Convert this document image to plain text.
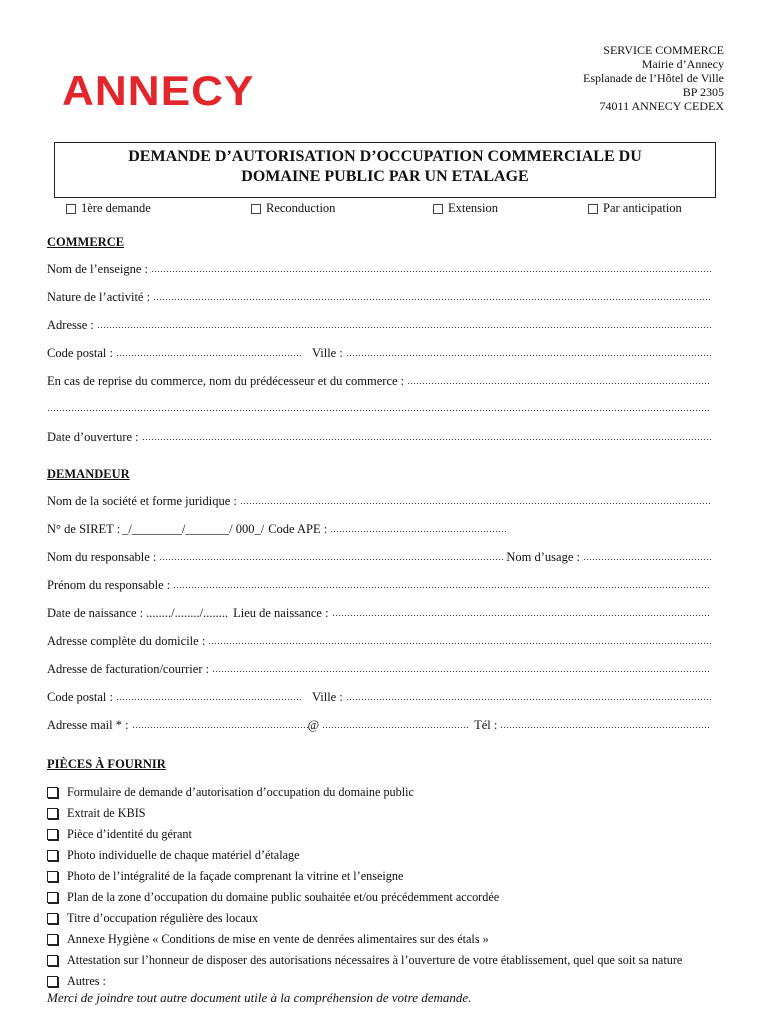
ANNECY
SERVICE COMMERCE
Mairie d’Annecy
Esplanade de l’Hôtel de Ville
BP 2305
74011 ANNECY CEDEX
DEMANDE D’AUTORISATION D’OCCUPATION COMMERCIALE DU
DOMAINE PUBLIC PAR UN ETALAGE
1ère demande	Reconduction	Extension	Par anticipation
COMMERCE
Nom de l’enseigne :
Nature de l’activité :
Adresse :
Code postal :	Ville :
En cas de reprise du commerce, nom du prédécesseur et du commerce :
Date d’ouverture :
DEMANDEUR
Nom de la société et forme juridique :
N° de SIRET : _/________/_______/ 000_/ Code APE :
Nom du responsable :	Nom d’usage :
Prénom du responsable :
Date de naissance : ......../......../........ Lieu de naissance :
Adresse complète du domicile :
Adresse de facturation/courrier :
Code postal :	Ville :
Adresse mail * :	@	Tél :
PIÈCES À FOURNIR
Formulaire de demande d’autorisation d’occupation du domaine public
Extrait de KBIS
Pièce d’identité du gérant
Photo individuelle de chaque matériel d’étalage
Photo de l’intégralité de la façade comprenant la vitrine et l’enseigne
Plan de la zone d’occupation du domaine public souhaitée et/ou précédemment accordée
Titre d’occupation régulière des locaux
Annexe Hygiène « Conditions de mise en vente de denrées alimentaires sur des étals »
Attestation sur l’honneur de disposer des autorisations nécessaires à l’ouverture de votre établissement, quel que soit sa nature
Autres :
Merci de joindre tout autre document utile à la compréhension de votre demande.
